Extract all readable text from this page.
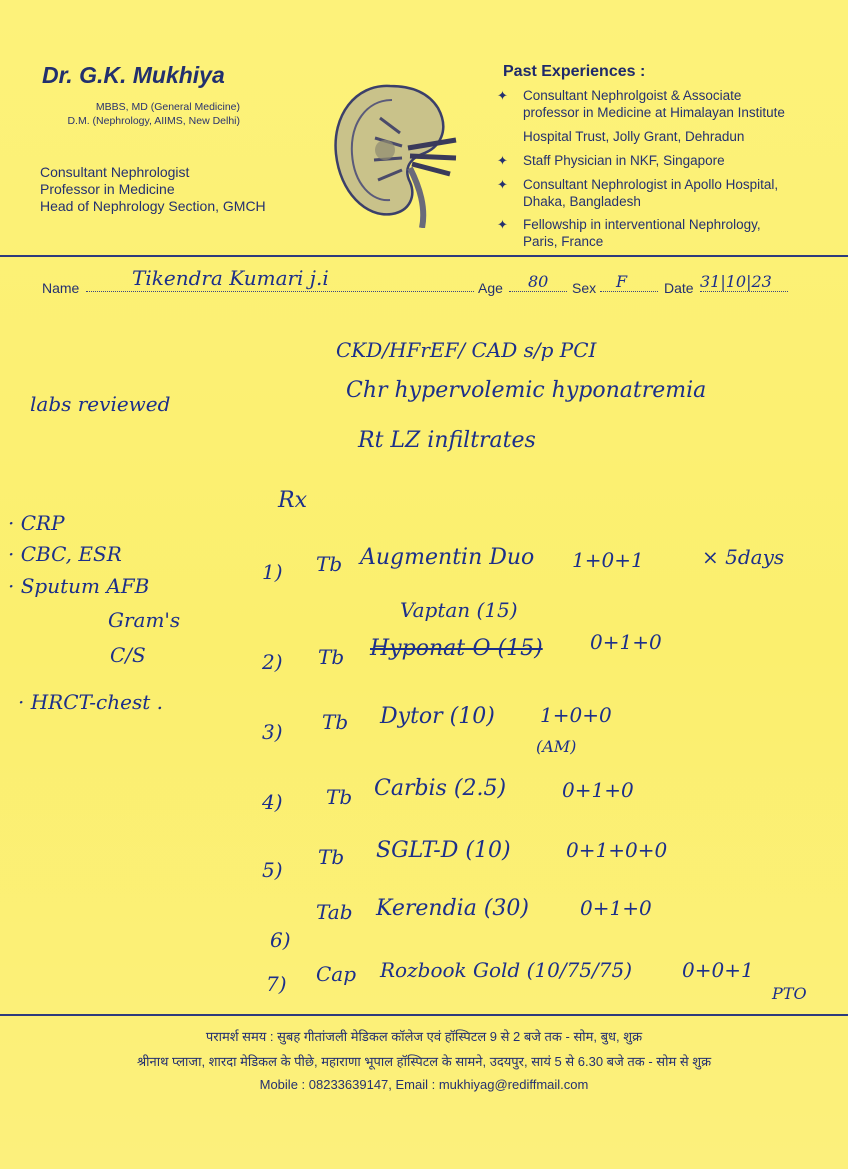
Dr. G.K. Mukhiya
MBBS, MD (General Medicine)
D.M. (Nephrology, AIIMS, New Delhi)
Consultant Nephrologist
Professor in Medicine
Head of Nephrology Section, GMCH
Past Experiences :
✦ Consultant Nephrolgoist & Associate professor in Medicine at Himalayan Institute
Hospital Trust, Jolly Grant, Dehradun
✦ Staff Physician in NKF, Singapore
✦ Consultant Nephrologist in Apollo Hospital, Dhaka, Bangladesh
✦ Fellowship in interventional Nephrology, Paris, France
Name	Tikendra Kumari j.i	Age 80 Sex F	Date 31|10|23
CKD/HFrEF/ CAD s/p PCI
Chr hypervolemic hyponatremia
Rt LZ infiltrates
labs reviewed
Rx
· CRP
· CBC, ESR
· Sputum AFB
Gram's
C/S
· HRCT-chest .
1) Tb Augmentin Duo 1+0+1	× 5days
Vaptan (15)
2) Tb Hyponat-O (15) 0+1+0
3) Tb Dytor (10) 1+0+0
(AM)
4) Tb Carbis (2.5)	0+1+0
5)
Tb SGLT-D (10)	0+1+0+0
6)
Tab Kerendia (30)	0+1+0
7) Cap Rozbook Gold (10/75/75) 0+0+1
PTO
परामर्श समय : सुबह गीतांजली मेडिकल कॉलेज एवं हॉस्पिटल 9 से 2 बजे तक - सोम, बुध, शुक्र
श्रीनाथ प्लाजा, शारदा मेडिकल के पीछे, महाराणा भूपाल हॉस्पिटल के सामने, उदयपुर, सायं 5 से 6.30 बजे तक - सोम से शुक्र
Mobile : 08233639147, Email : mukhiyag@rediffmail.com
